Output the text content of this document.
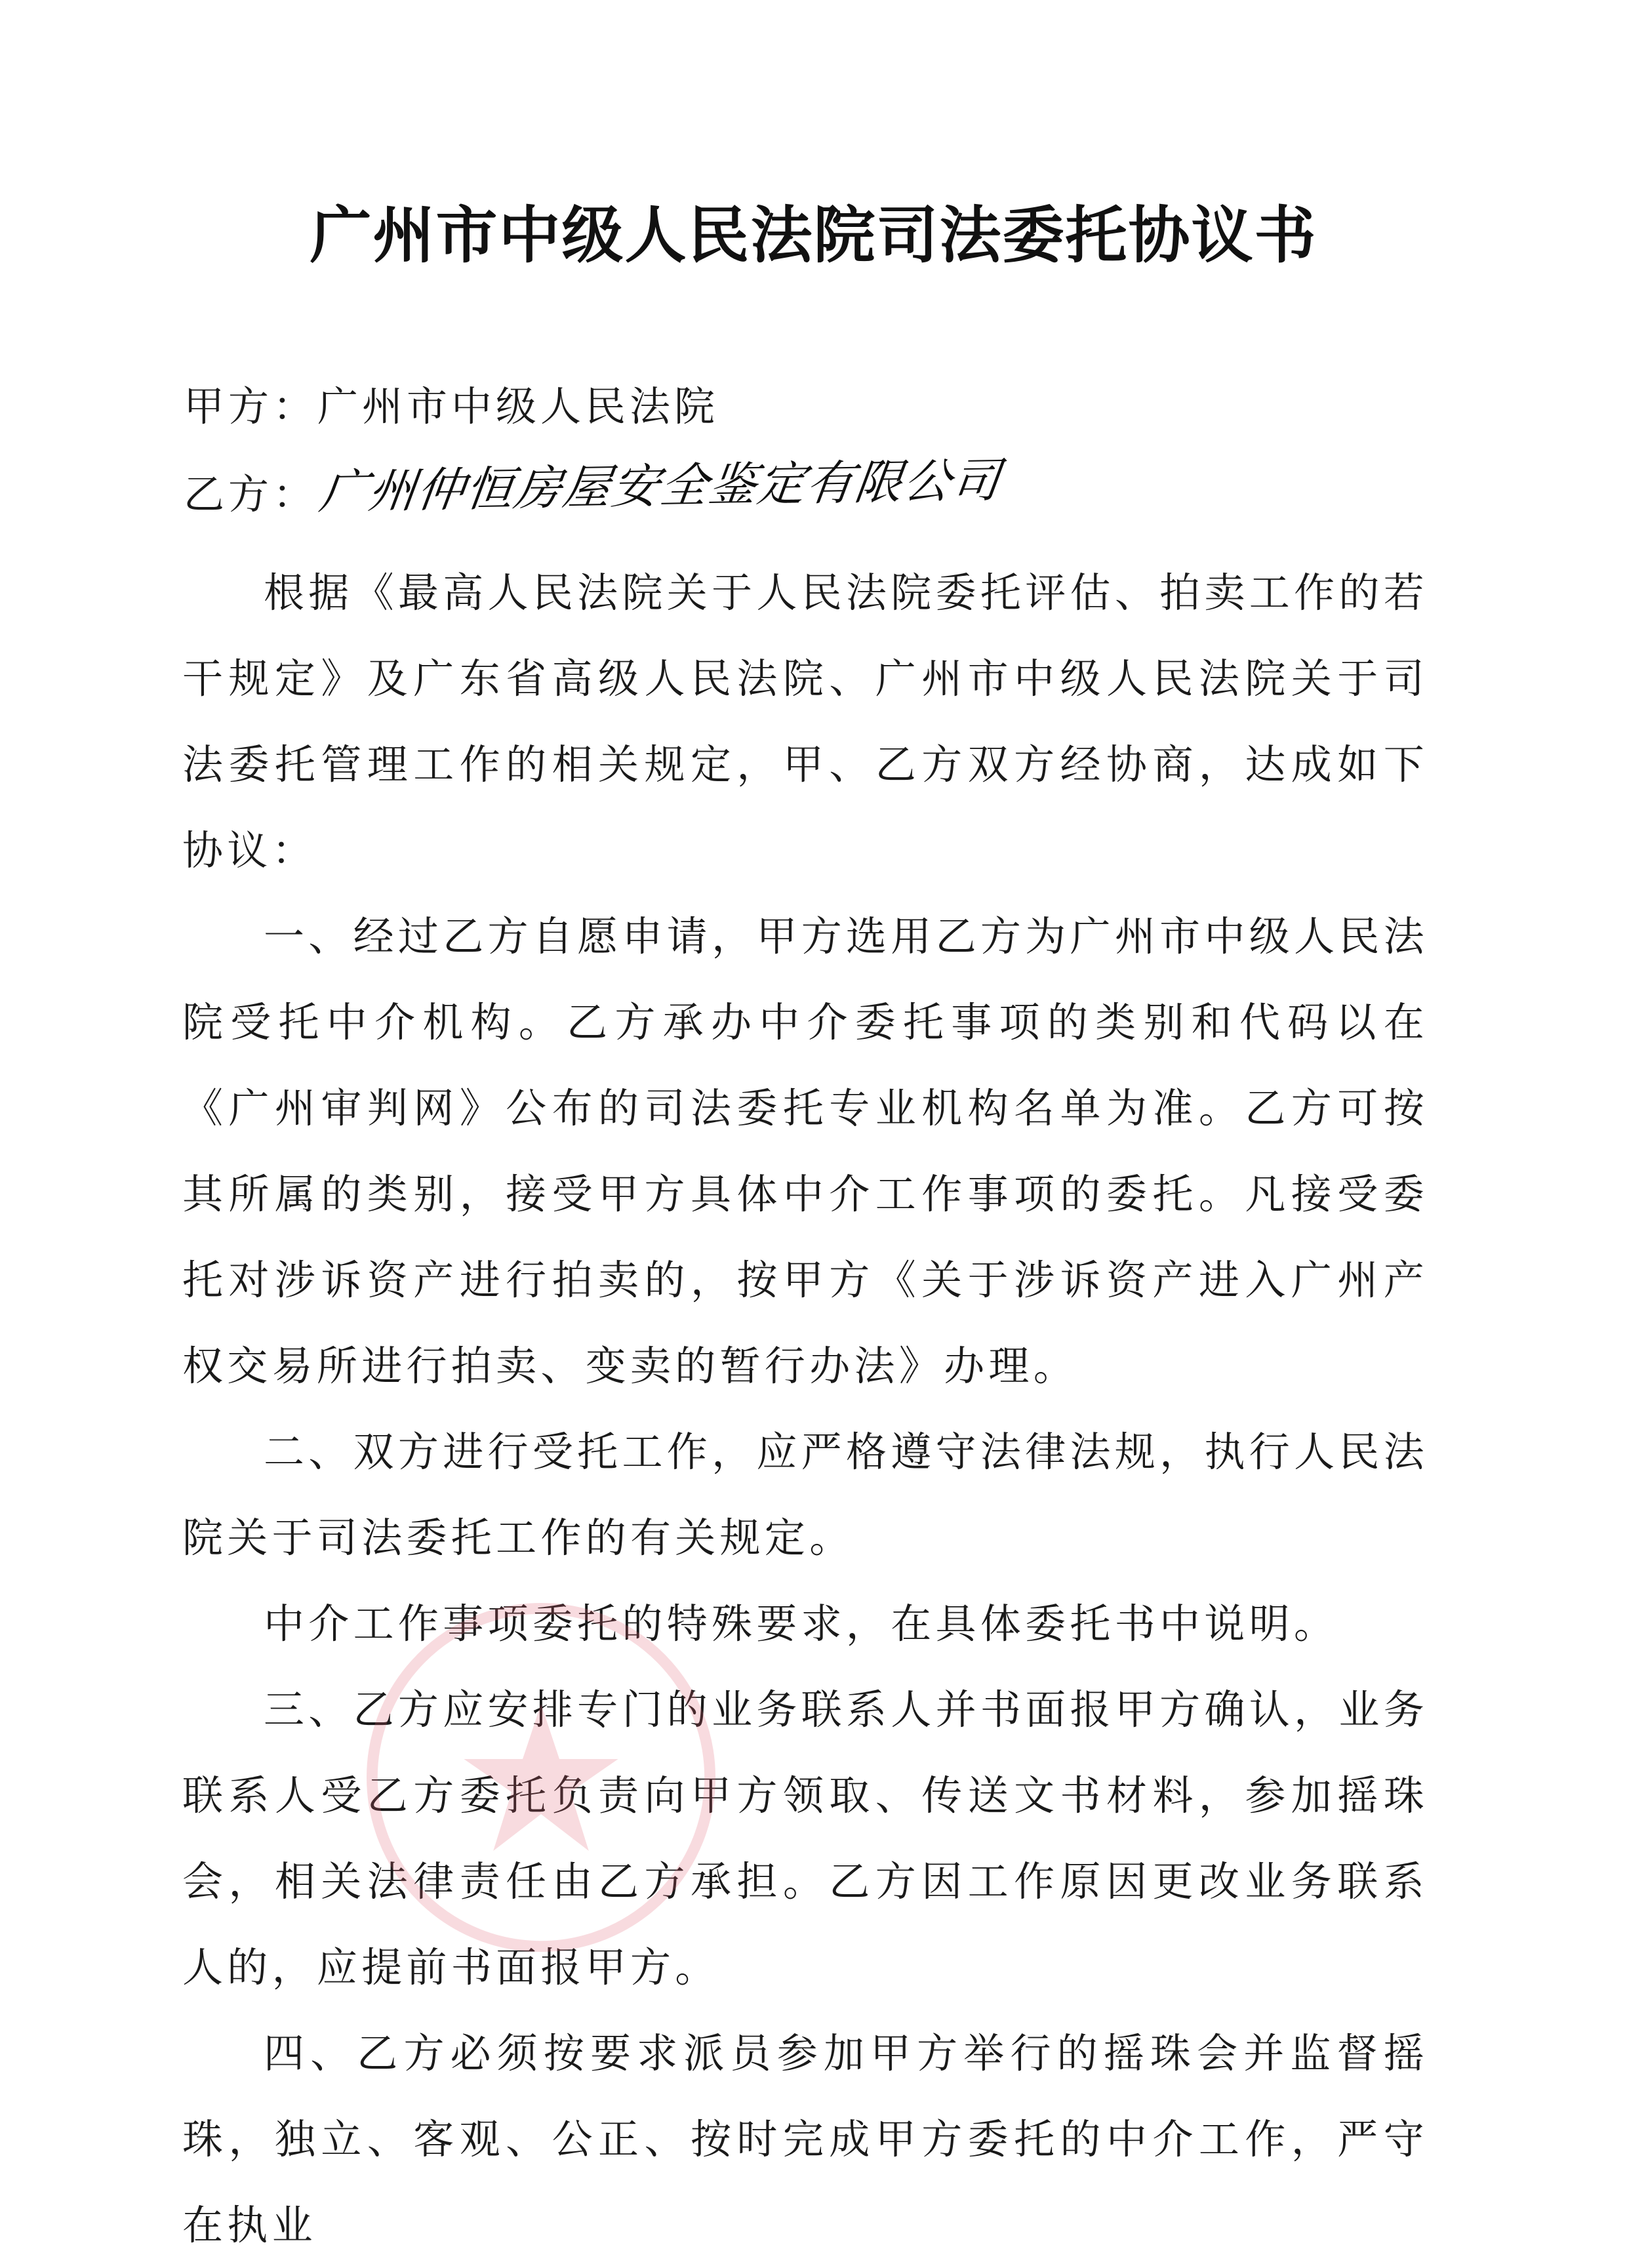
广州市中级人民法院司法委托协议书
甲方：广州市中级人民法院
乙方：广州仲恒房屋安全鉴定有限公司

根据《最高人民法院关于人民法院委托评估、拍卖工作的若干规定》及广东省高级人民法院、广州市中级人民法院关于司法委托管理工作的相关规定，甲、乙方双方经协商，达成如下协议：

一、经过乙方自愿申请，甲方选用乙方为广州市中级人民法院受托中介机构。乙方承办中介委托事项的类别和代码以在《广州审判网》公布的司法委托专业机构名单为准。乙方可按其所属的类别，接受甲方具体中介工作事项的委托。凡接受委托对涉诉资产进行拍卖的，按甲方《关于涉诉资产进入广州产权交易所进行拍卖、变卖的暂行办法》办理。

二、双方进行受托工作，应严格遵守法律法规，执行人民法院关于司法委托工作的有关规定。

中介工作事项委托的特殊要求，在具体委托书中说明。

三、乙方应安排专门的业务联系人并书面报甲方确认，业务联系人受乙方委托负责向甲方领取、传送文书材料，参加摇珠会，相关法律责任由乙方承担。乙方因工作原因更改业务联系人的，应提前书面报甲方。

四、乙方必须按要求派员参加甲方举行的摇珠会并监督摇珠，独立、客观、公正、按时完成甲方委托的中介工作，严守在执业
